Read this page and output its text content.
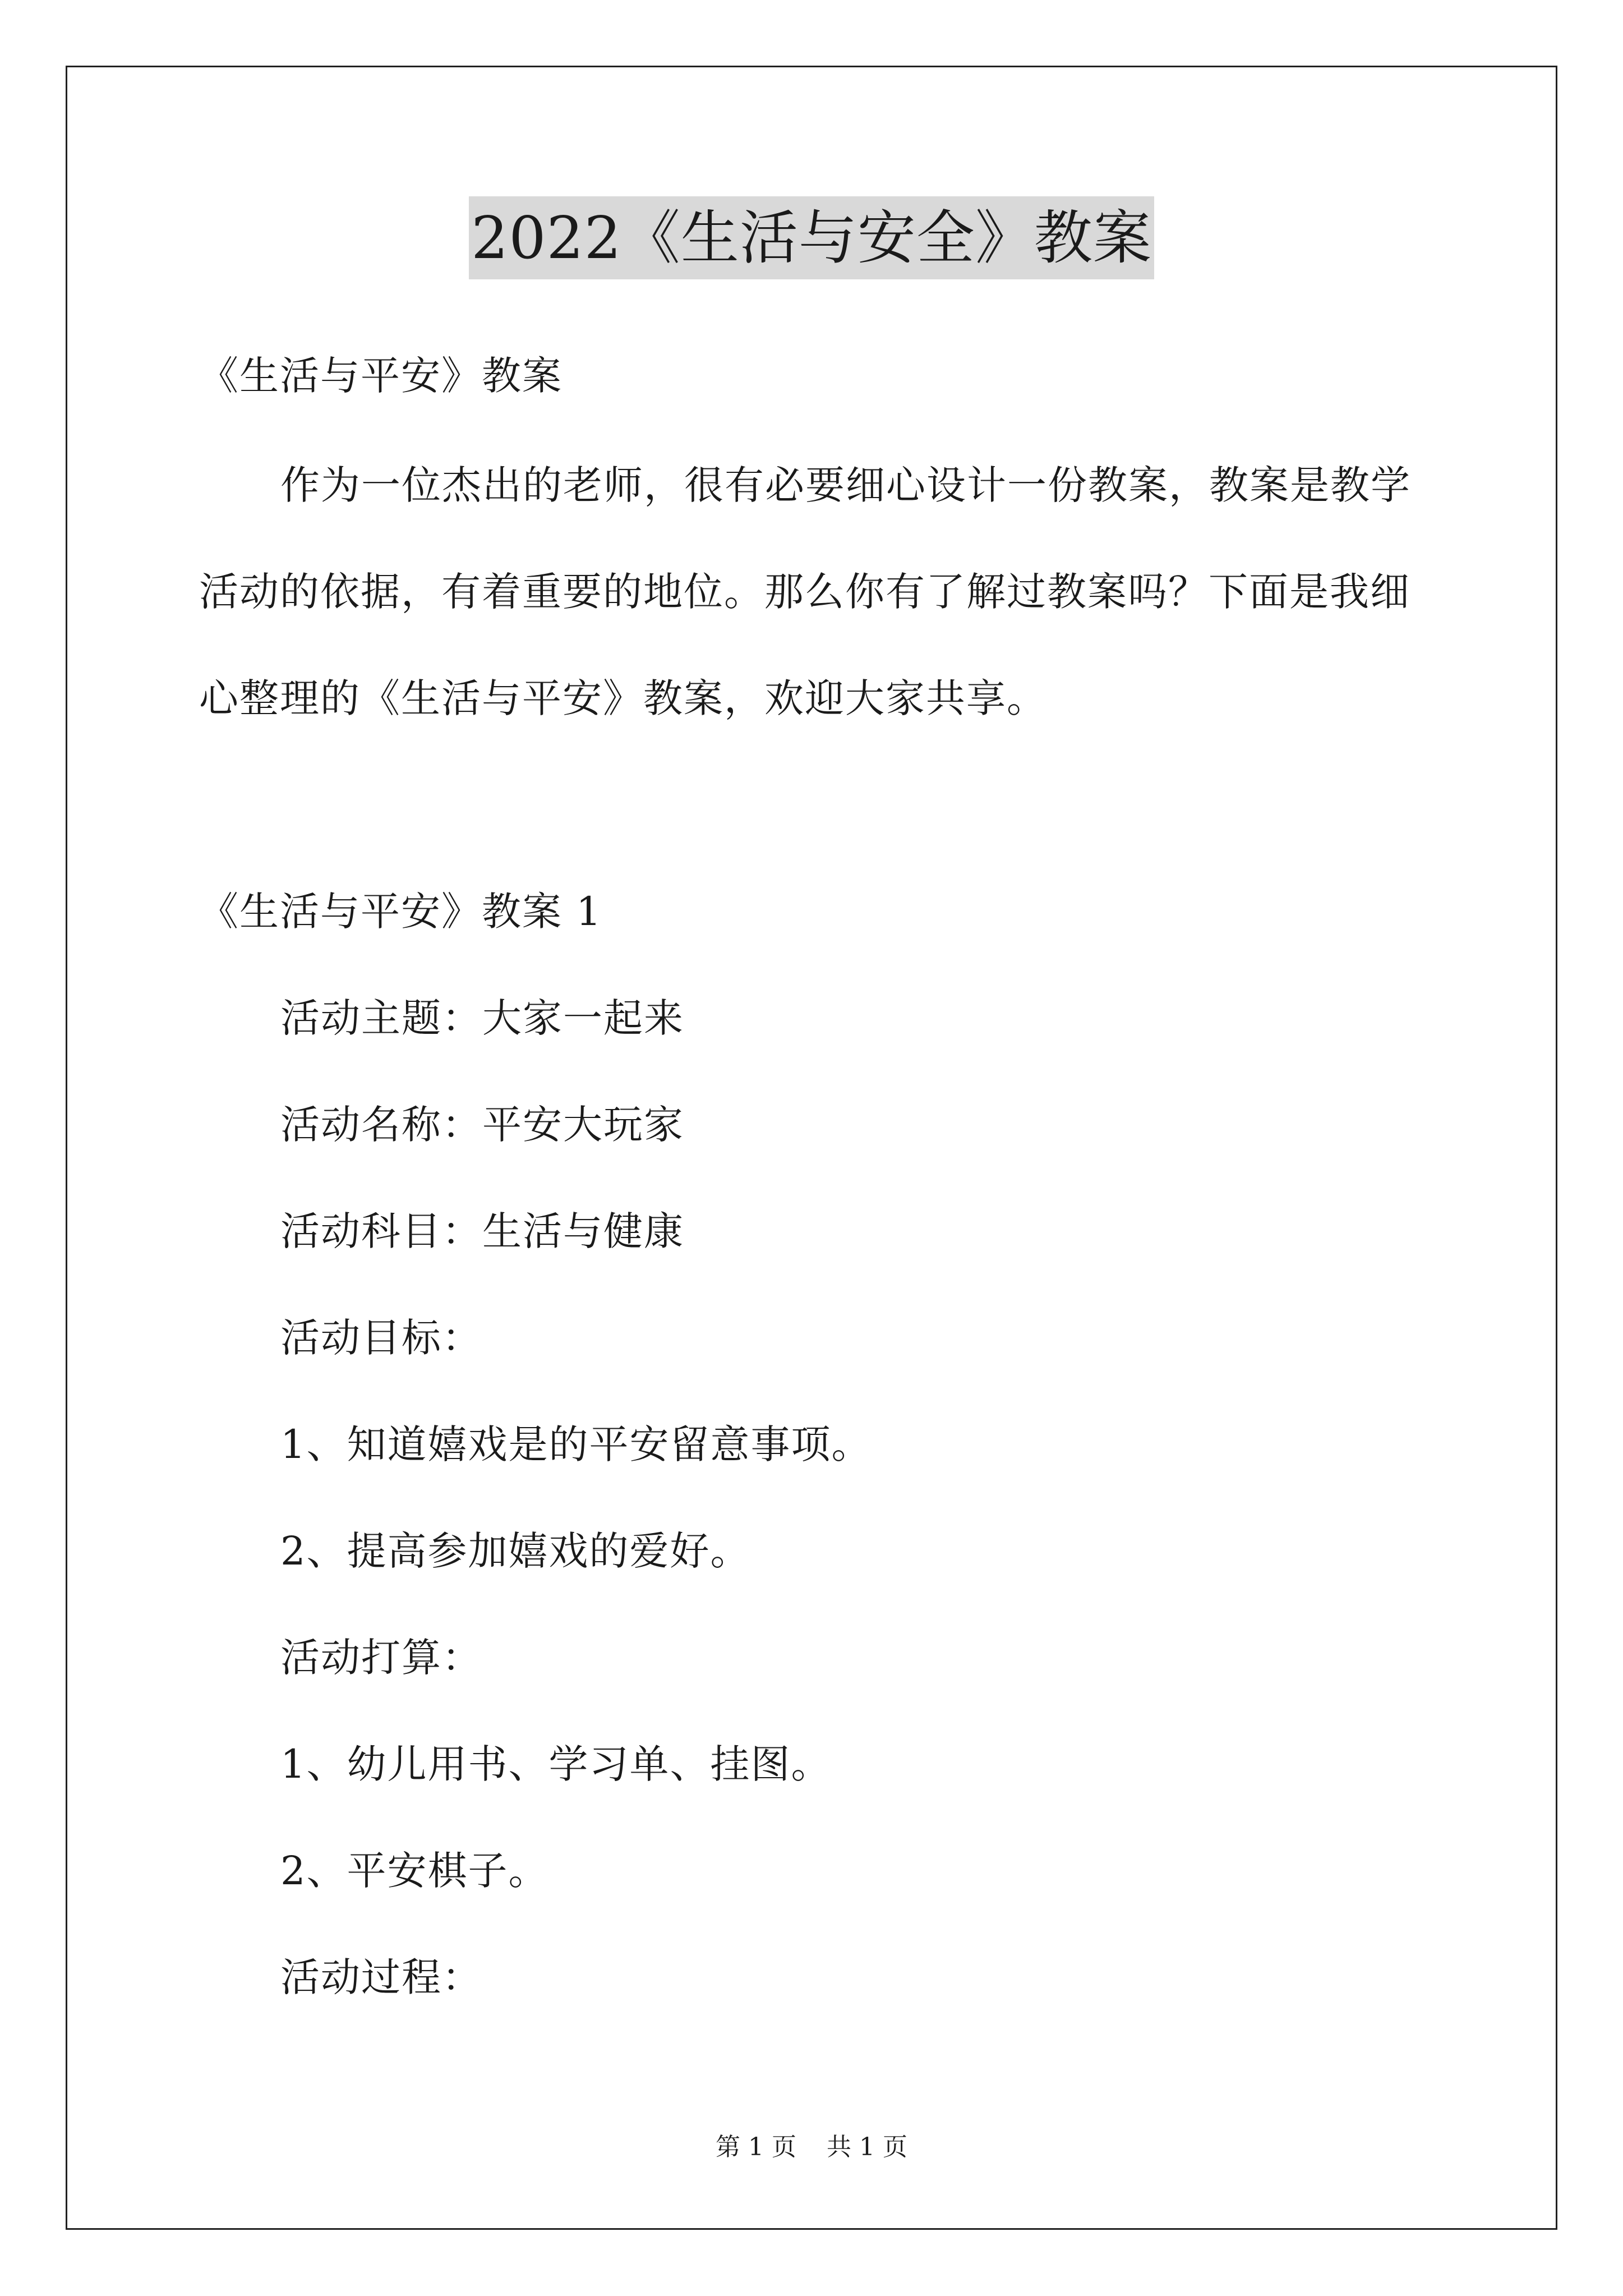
2022《生活与安全》教案
《生活与平安》教案
作为一位杰出的老师，很有必要细心设计一份教案，教案是教学
活动的依据，有着重要的地位。那么你有了解过教案吗？下面是我细
心整理的《生活与平安》教案，欢迎大家共享。
《生活与平安》教案 1
活动主题：大家一起来
活动名称：平安大玩家
活动科目：生活与健康
活动目标：
1、知道嬉戏是的平安留意事项。
2、提高参加嬉戏的爱好。
活动打算：
1、幼儿用书、学习单、挂图。
2、平安棋子。
活动过程：
第 1 页 共 1 页
